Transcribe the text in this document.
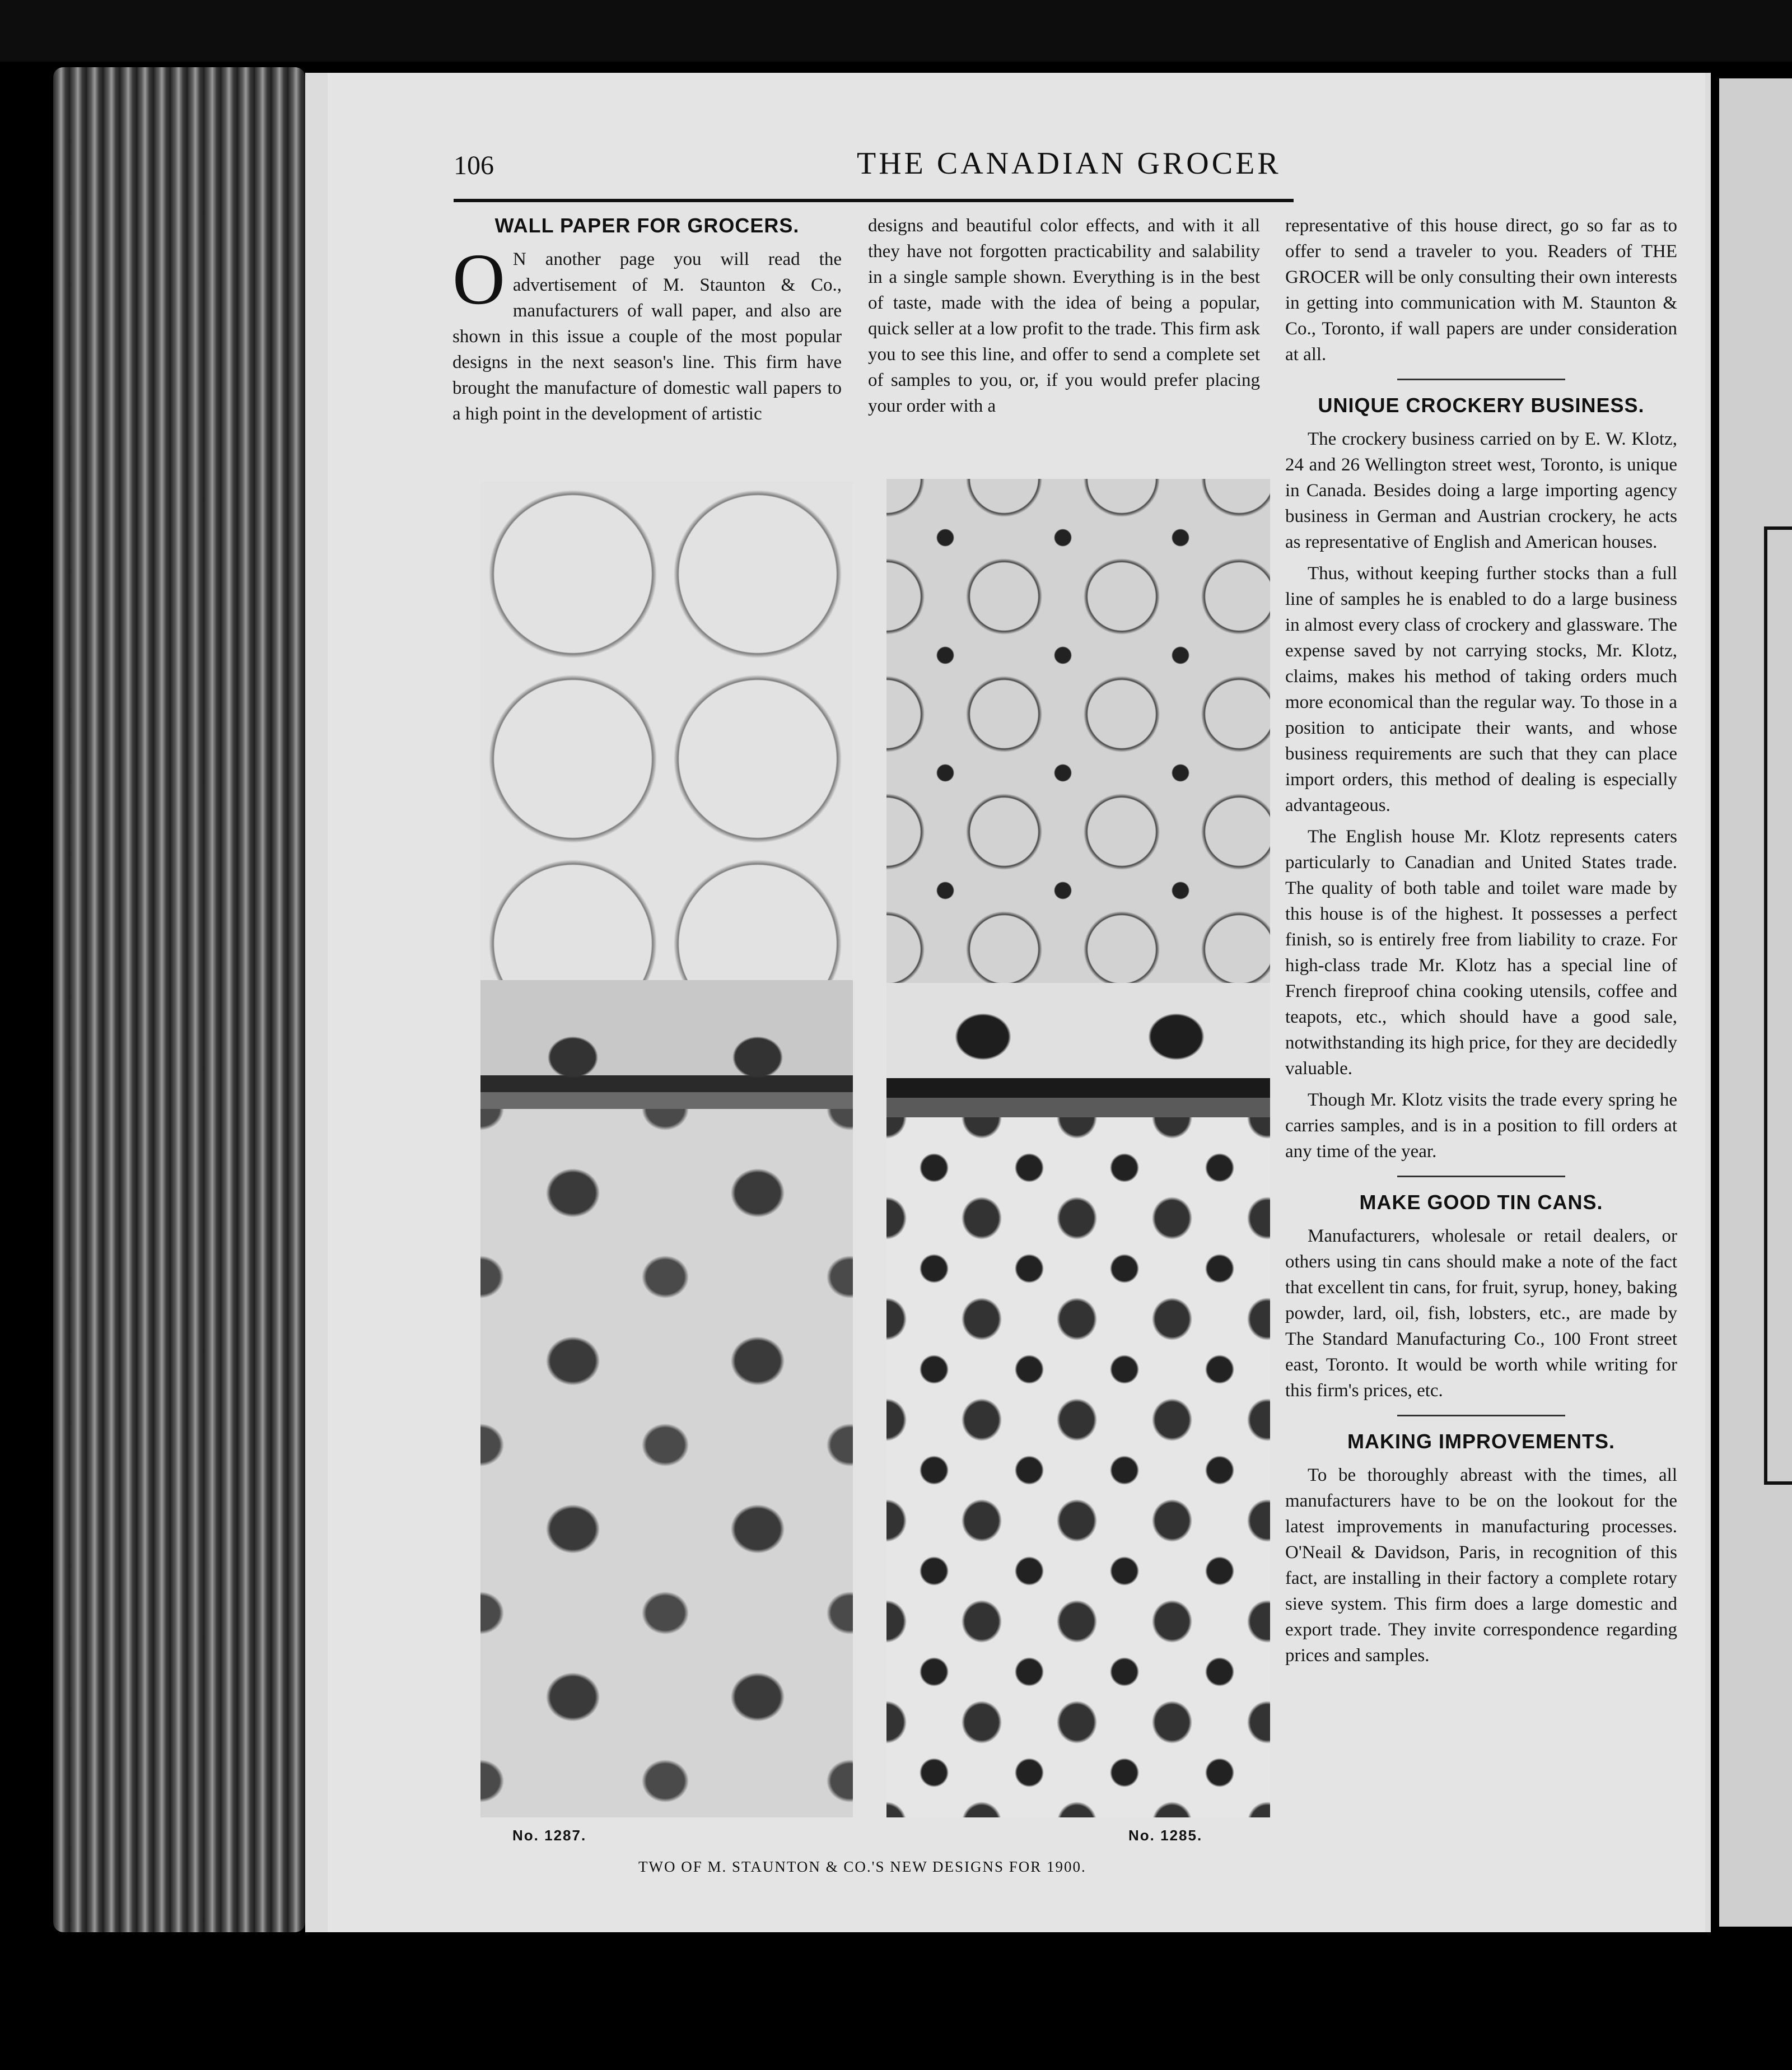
106	THE CANADIAN GROCER
WALL PAPER FOR GROCERS.
O N another page you will read the advertisement of M. Staunton & Co., manufacturers of wall paper, and also are shown in this issue a couple of the most popular designs in the next season's line. This firm have brought the manufacture of domestic wall papers to a high point in the development of artistic
designs and beautiful color effects, and with it all they have not forgotten practicability and salability in a single sample shown. Everything is in the best of taste, made with the idea of being a popular, quick seller at a low profit to the trade. This firm ask you to see this line, and offer to send a complete set of samples to you, or, if you would prefer placing your order with a
representative of this house direct, go so far as to offer to send a traveler to you. Readers of THE GROCER will be only consulting their own interests in getting into communication with M. Staunton & Co., Toronto, if wall papers are under consideration at all.
UNIQUE CROCKERY BUSINESS.

The crockery business carried on by E. W. Klotz, 24 and 26 Wellington street west, Toronto, is unique in Canada. Besides doing a large importing agency business in German and Austrian crockery, he acts as representative of English and American houses.

Thus, without keeping further stocks than a full line of samples he is enabled to do a large business in almost every class of crockery and glassware. The expense saved by not carrying stocks, Mr. Klotz, claims, makes his method of taking orders much more economical than the regular way. To those in a position to anticipate their wants, and whose business requirements are such that they can place import orders, this method of dealing is especially advantageous.

The English house Mr. Klotz represents caters particularly to Canadian and United States trade. The quality of both table and toilet ware made by this house is of the highest. It possesses a perfect finish, so is entirely free from liability to craze. For high-class trade Mr. Klotz has a special line of French fireproof china cooking utensils, coffee and teapots, etc., which should have a good sale, notwithstanding its high price, for they are decidedly valuable.

Though Mr. Klotz visits the trade every spring he carries samples, and is in a position to fill orders at any time of the year.

MAKE GOOD TIN CANS.

Manufacturers, wholesale or retail dealers, or others using tin cans should make a note of the fact that excellent tin cans, for fruit, syrup, honey, baking powder, lard, oil, fish, lobsters, etc., are made by The Standard Manufacturing Co., 100 Front street east, Toronto. It would be worth while writing for this firm's prices, etc.

MAKING IMPROVEMENTS.

To be thoroughly abreast with the times, all manufacturers have to be on the lookout for the latest improvements in manufacturing processes. O'Neail & Davidson, Paris, in recognition of this fact, are installing in their factory a complete rotary sieve system. This firm does a large domestic and export trade. They invite correspondence regarding prices and samples.

No. 1287.	No. 1285.
TWO OF M. STAUNTON & CO.'S NEW DESIGNS FOR 1900.
